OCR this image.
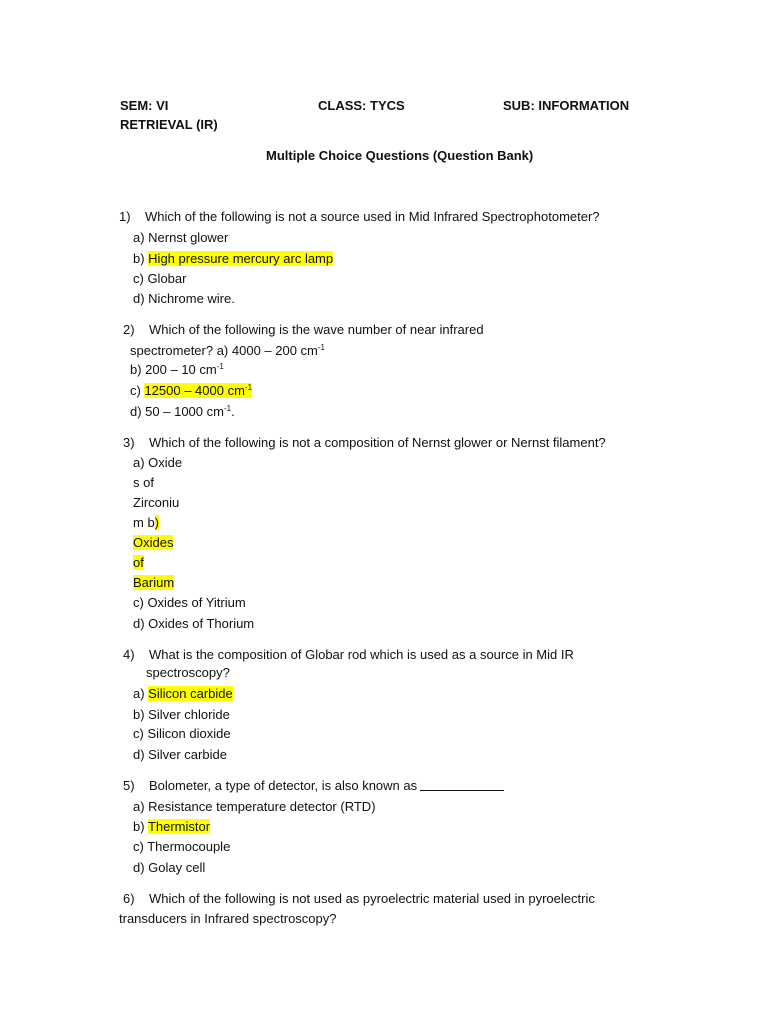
SEM: VI	CLASS: TYCS	SUB: INFORMATION
RETRIEVAL (IR)
Multiple Choice Questions (Question Bank)
1) Which of the following is not a source used in Mid Infrared Spectrophotometer?
a) Nernst glower
b) High pressure mercury arc lamp
c) Globar
d) Nichrome wire.
2) Which of the following is the wave number of near infrared
spectrometer? a) 4000 – 200 $cm^{-1}$
b) 200 – 10 $cm^{-1}$
c) 12500 – 4000 $cm^{-1}$
d) 50 – 1000 $cm^{-1}$.
3) Which of the following is not a composition of Nernst glower or Nernst filament?
a) Oxide
s of
Zirconiu
m b)
Oxides
of
Barium
c) Oxides of Yitrium
d) Oxides of Thorium
4) What is the composition of Globar rod which is used as a source in Mid IR
spectroscopy?
a) Silicon carbide
b) Silver chloride
c) Silicon dioxide
d) Silver carbide
5) Bolometer, a type of detector, is also known as
a) Resistance temperature detector (RTD)
b) Thermistor
c) Thermocouple
d) Golay cell
6) Which of the following is not used as pyroelectric material used in pyroelectric
transducers in Infrared spectroscopy?
